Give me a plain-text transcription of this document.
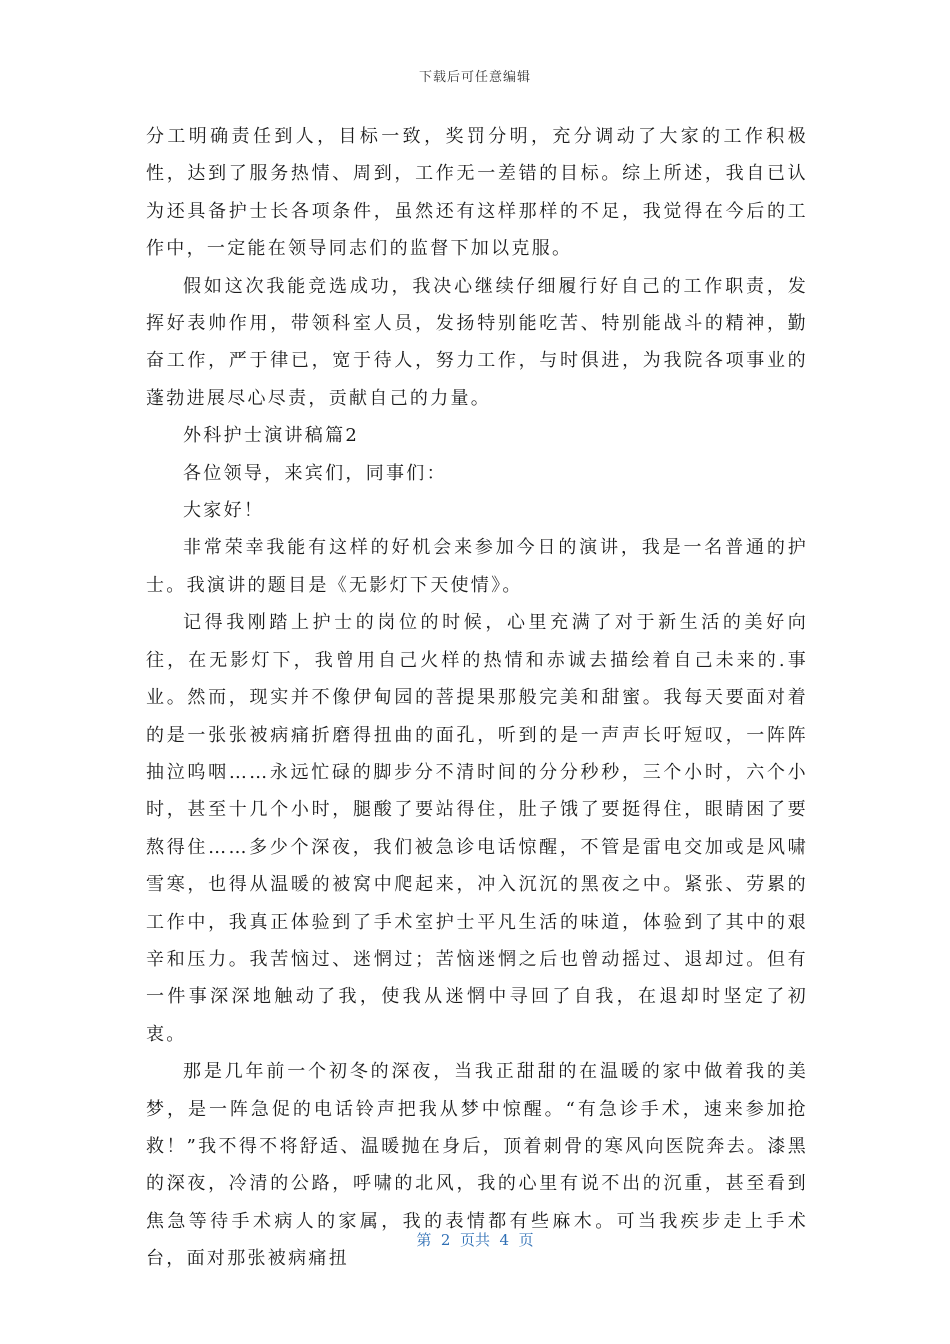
下载后可任意编辑

分工明确责任到人，目标一致，奖罚分明，充分调动了大家的工作积极性，达到了服务热情、周到，工作无一差错的目标。综上所述，我自已认为还具备护士长各项条件，虽然还有这样那样的不足，我觉得在今后的工作中，一定能在领导同志们的监督下加以克服。

假如这次我能竞选成功，我决心继续仔细履行好自己的工作职责，发挥好表帅作用，带领科室人员，发扬特别能吃苦、特别能战斗的精神，勤奋工作，严于律已，宽于待人，努力工作，与时俱进，为我院各项事业的蓬勃进展尽心尽责，贡献自己的力量。

外科护士演讲稿篇2

各位领导，来宾们，同事们：

大家好！

非常荣幸我能有这样的好机会来参加今日的演讲，我是一名普通的护士。我演讲的题目是《无影灯下天使情》。

记得我刚踏上护士的岗位的时候，心里充满了对于新生活的美好向往，在无影灯下，我曾用自己火样的热情和赤诚去描绘着自己未来的.事业。然而，现实并不像伊甸园的菩提果那般完美和甜蜜。我每天要面对着的是一张张被病痛折磨得扭曲的面孔，听到的是一声声长吁短叹，一阵阵抽泣呜咽……永远忙碌的脚步分不清时间的分分秒秒，三个小时，六个小时，甚至十几个小时，腿酸了要站得住，肚子饿了要挺得住，眼睛困了要熬得住……多少个深夜，我们被急诊电话惊醒，不管是雷电交加或是风啸雪寒，也得从温暖的被窝中爬起来，冲入沉沉的黑夜之中。紧张、劳累的工作中，我真正体验到了手术室护士平凡生活的味道，体验到了其中的艰辛和压力。我苦恼过、迷惘过；苦恼迷惘之后也曾动摇过、退却过。但有一件事深深地触动了我，使我从迷惘中寻回了自我，在退却时坚定了初衷。

那是几年前一个初冬的深夜，当我正甜甜的在温暖的家中做着我的美梦，是一阵急促的电话铃声把我从梦中惊醒。“有急诊手术，速来参加抢救！”我不得不将舒适、温暖抛在身后，顶着刺骨的寒风向医院奔去。漆黑的深夜，冷清的公路，呼啸的北风，我的心里有说不出的沉重，甚至看到焦急等待手术病人的家属，我的表情都有些麻木。可当我疾步走上手术台，面对那张被病痛扭

第  2  页共  4  页
